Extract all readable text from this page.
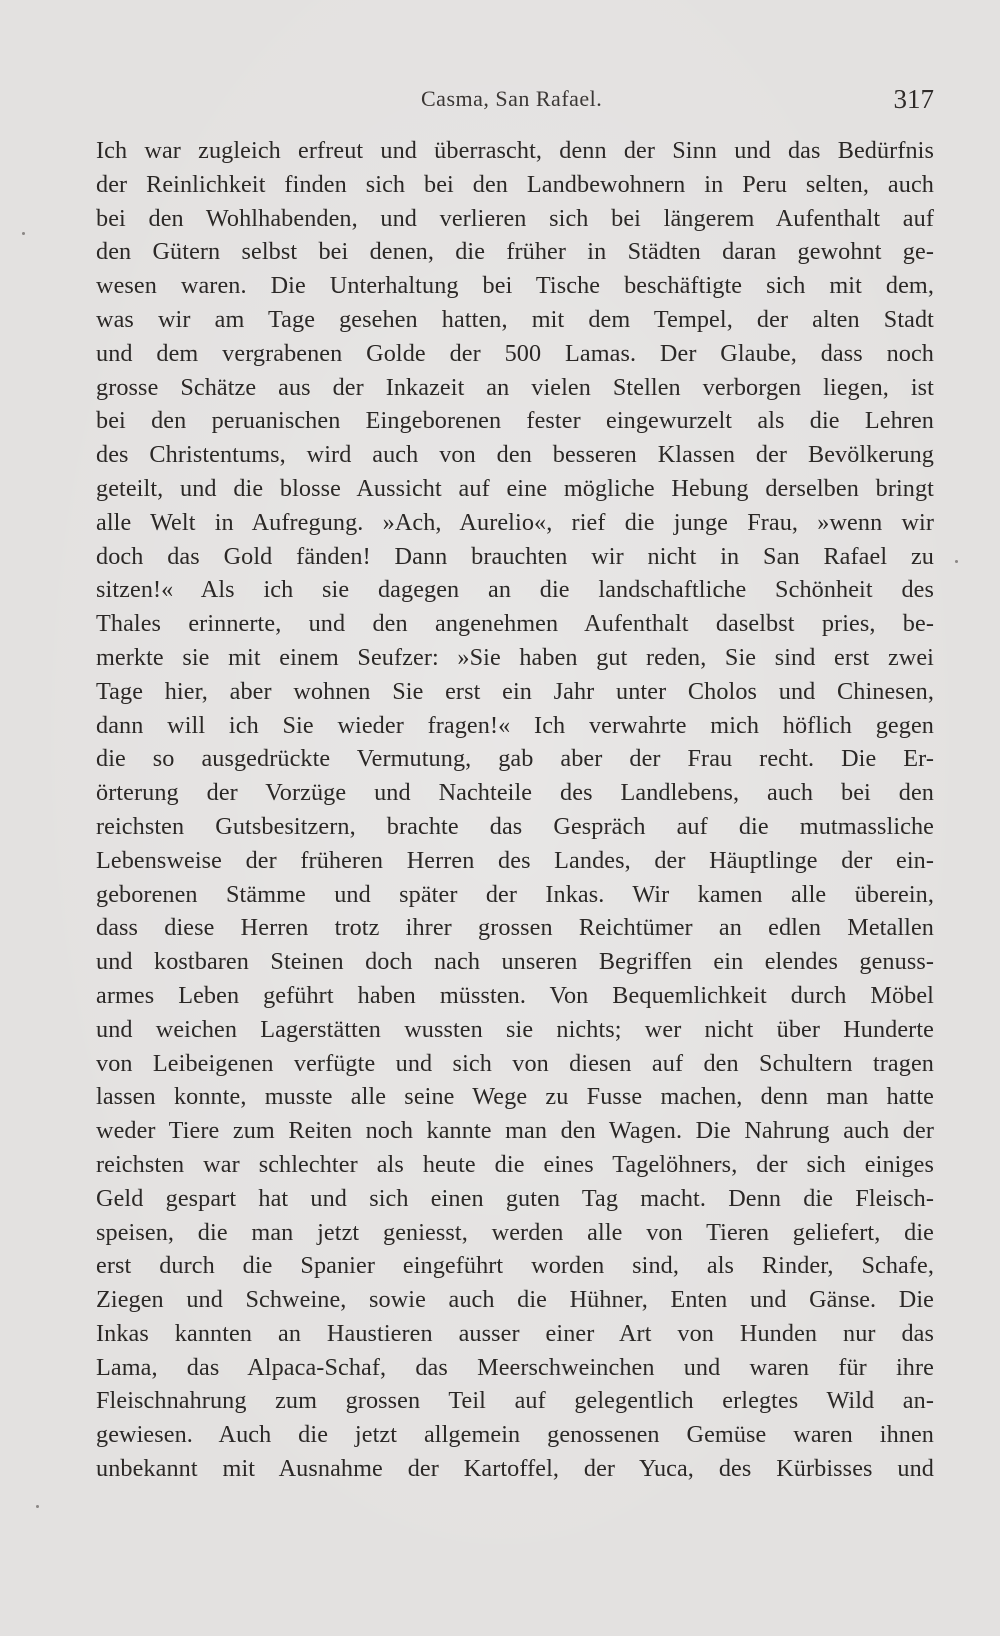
Casma, San Rafael.	317
Ich war zugleich erfreut und überrascht, denn der Sinn und das Bedürfnis
der Reinlichkeit finden sich bei den Landbewohnern in Peru selten, auch
bei den Wohlhabenden, und verlieren sich bei längerem Aufenthalt auf
den Gütern selbst bei denen, die früher in Städten daran gewohnt ge-
wesen waren. Die Unterhaltung bei Tische beschäftigte sich mit dem,
was wir am Tage gesehen hatten, mit dem Tempel, der alten Stadt
und dem vergrabenen Golde der 500 Lamas. Der Glaube, dass noch
grosse Schätze aus der Inkazeit an vielen Stellen verborgen liegen, ist
bei den peruanischen Eingeborenen fester eingewurzelt als die Lehren
des Christentums, wird auch von den besseren Klassen der Bevölkerung
geteilt, und die blosse Aussicht auf eine mögliche Hebung derselben bringt
alle Welt in Aufregung. »Ach, Aurelio«, rief die junge Frau, »wenn wir
doch das Gold fänden! Dann brauchten wir nicht in San Rafael zu
sitzen!« Als ich sie dagegen an die landschaftliche Schönheit des
Thales erinnerte, und den angenehmen Aufenthalt daselbst pries, be-
merkte sie mit einem Seufzer: »Sie haben gut reden, Sie sind erst zwei
Tage hier, aber wohnen Sie erst ein Jahr unter Cholos und Chinesen,
dann will ich Sie wieder fragen!« Ich verwahrte mich höflich gegen
die so ausgedrückte Vermutung, gab aber der Frau recht. Die Er-
örterung der Vorzüge und Nachteile des Landlebens, auch bei den
reichsten Gutsbesitzern, brachte das Gespräch auf die mutmassliche
Lebensweise der früheren Herren des Landes, der Häuptlinge der ein-
geborenen Stämme und später der Inkas. Wir kamen alle überein,
dass diese Herren trotz ihrer grossen Reichtümer an edlen Metallen
und kostbaren Steinen doch nach unseren Begriffen ein elendes genuss-
armes Leben geführt haben müssten. Von Bequemlichkeit durch Möbel
und weichen Lagerstätten wussten sie nichts; wer nicht über Hunderte
von Leibeigenen verfügte und sich von diesen auf den Schultern tragen
lassen konnte, musste alle seine Wege zu Fusse machen, denn man hatte
weder Tiere zum Reiten noch kannte man den Wagen. Die Nahrung auch der
reichsten war schlechter als heute die eines Tagelöhners, der sich einiges
Geld gespart hat und sich einen guten Tag macht. Denn die Fleisch-
speisen, die man jetzt geniesst, werden alle von Tieren geliefert, die
erst durch die Spanier eingeführt worden sind, als Rinder, Schafe,
Ziegen und Schweine, sowie auch die Hühner, Enten und Gänse. Die
Inkas kannten an Haustieren ausser einer Art von Hunden nur das
Lama, das Alpaca-Schaf, das Meerschweinchen und waren für ihre
Fleischnahrung zum grossen Teil auf gelegentlich erlegtes Wild an-
gewiesen. Auch die jetzt allgemein genossenen Gemüse waren ihnen
unbekannt mit Ausnahme der Kartoffel, der Yuca, des Kürbisses und
